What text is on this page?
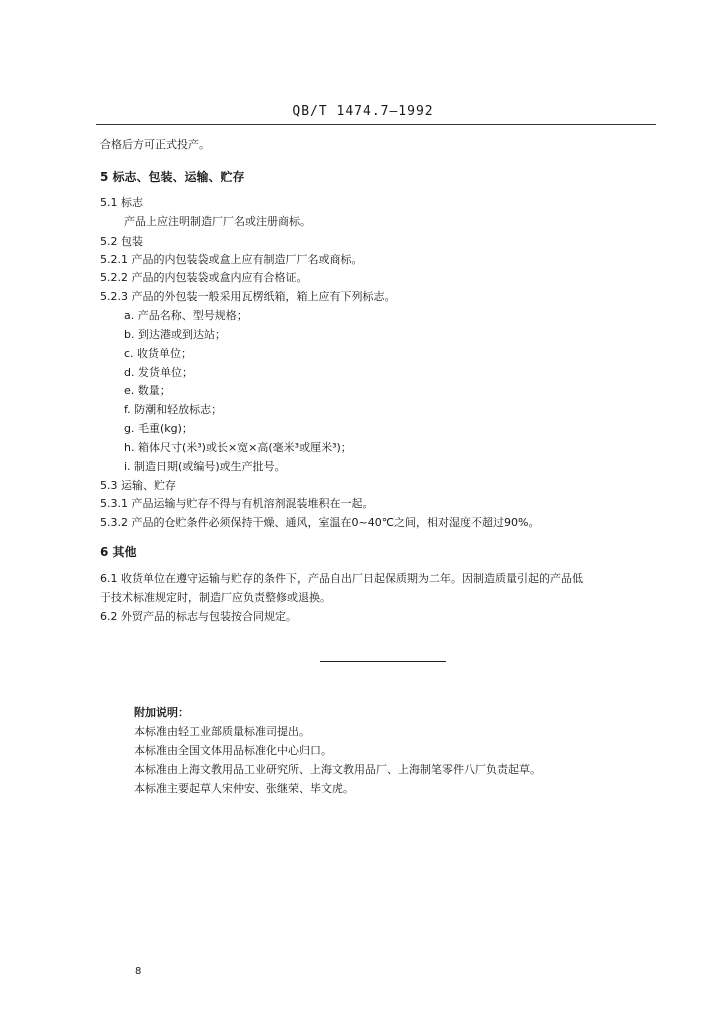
QB/T 1474.7—1992
合格后方可正式投产。
5 标志、包装、运输、贮存
5.1 标志
产品上应注明制造厂厂名或注册商标。
5.2 包装
5.2.1 产品的内包装袋或盒上应有制造厂厂名或商标。
5.2.2 产品的内包装袋或盒内应有合格证。
5.2.3 产品的外包装一般采用瓦楞纸箱，箱上应有下列标志。
a. 产品名称、型号规格；
b. 到达港或到达站；
c. 收货单位；
d. 发货单位；
e. 数量；
f. 防潮和轻放标志；
g. 毛重(kg)；
h. 箱体尺寸(米³)或长×宽×高(毫米³或厘米³)；
i. 制造日期(或编号)或生产批号。
5.3 运输、贮存
5.3.1 产品运输与贮存不得与有机溶剂混装堆积在一起。
5.3.2 产品的仓贮条件必须保持干燥、通风，室温在0~40℃之间，相对湿度不超过90%。
6 其他
6.1 收货单位在遵守运输与贮存的条件下，产品自出厂日起保质期为二年。因制造质量引起的产品低
于技术标准规定时，制造厂应负责整修或退换。
6.2 外贸产品的标志与包装按合同规定。
附加说明：
本标准由轻工业部质量标准司提出。
本标准由全国文体用品标准化中心归口。
本标准由上海文教用品工业研究所、上海文教用品厂、上海制笔零件八厂负责起草。
本标准主要起草人宋仲安、张继荣、毕文虎。
8
